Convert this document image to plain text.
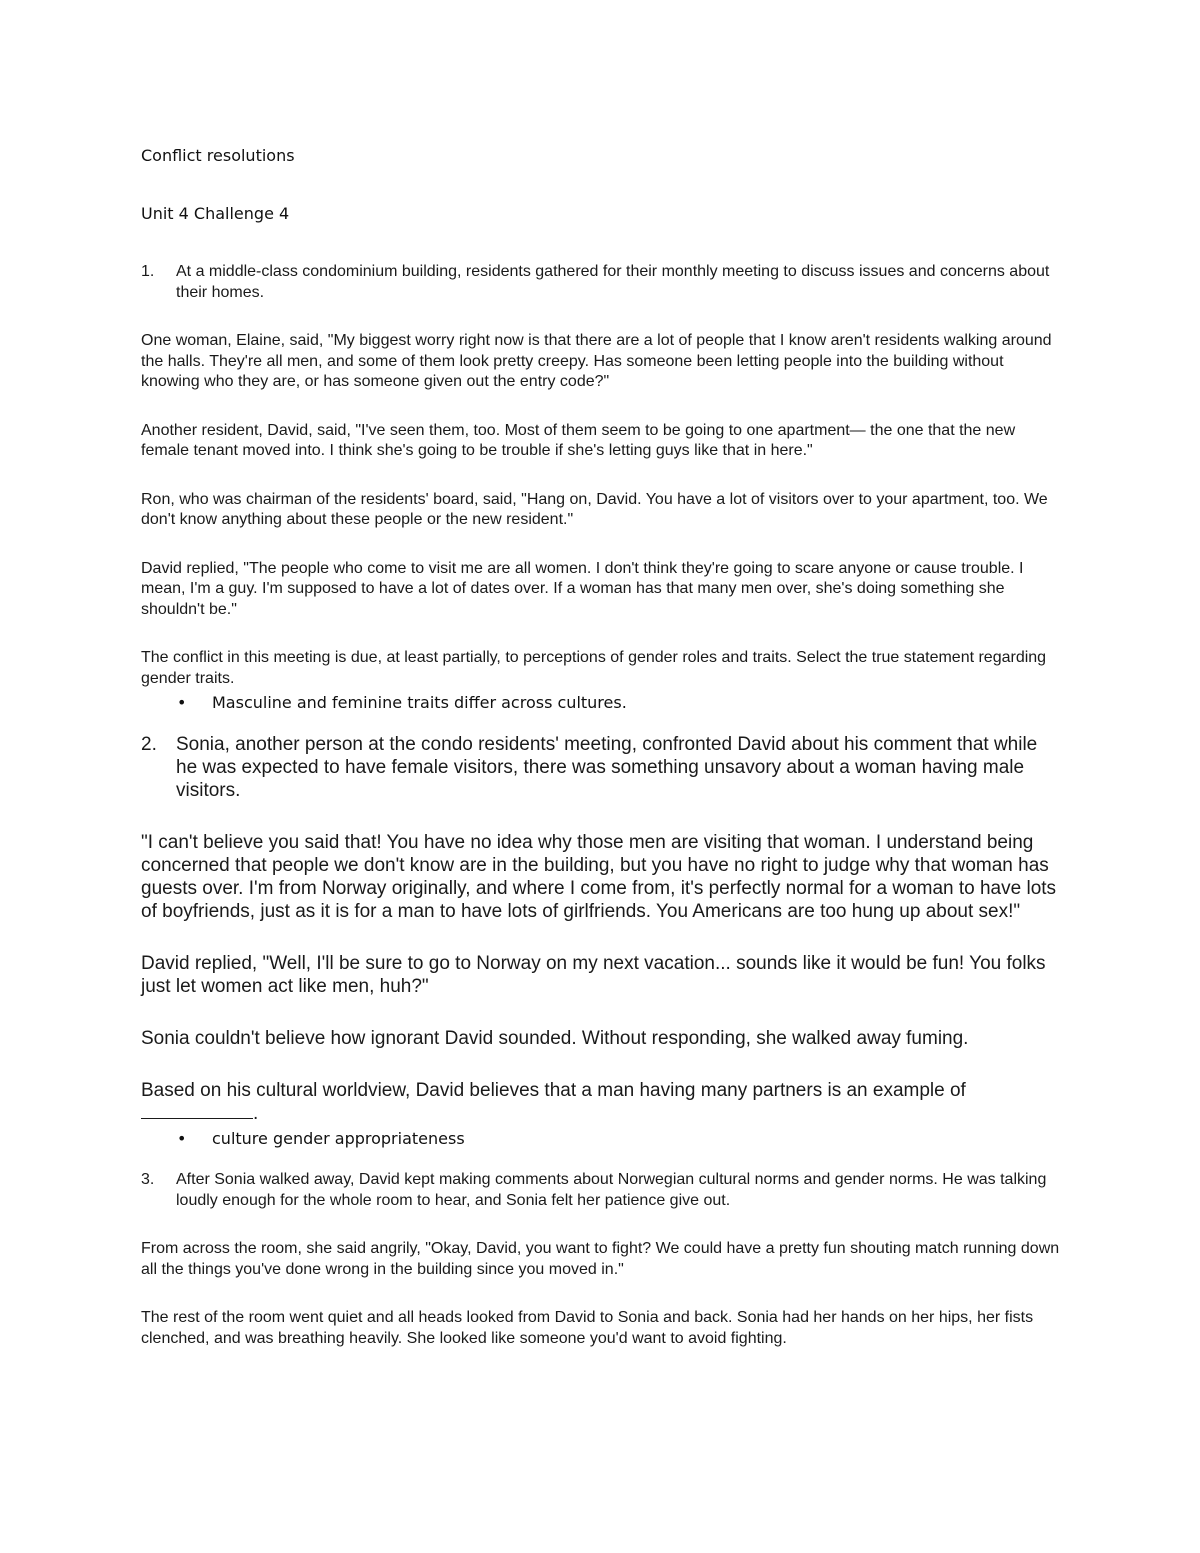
Conflict resolutions

Unit 4 Challenge 4

1. At a middle-class condominium building, residents gathered for their monthly meeting to discuss issues and concerns about their homes.

One woman, Elaine, said, "My biggest worry right now is that there are a lot of people that I know aren't residents walking around the halls. They're all men, and some of them look pretty creepy. Has someone been letting people into the building without knowing who they are, or has someone given out the entry code?"

Another resident, David, said, "I've seen them, too. Most of them seem to be going to one apartment— the one that the new female tenant moved into. I think she's going to be trouble if she's letting guys like that in here."

Ron, who was chairman of the residents' board, said, "Hang on, David. You have a lot of visitors over to your apartment, too. We don't know anything about these people or the new resident."

David replied, "The people who come to visit me are all women. I don't think they're going to scare anyone or cause trouble. I mean, I'm a guy. I'm supposed to have a lot of dates over. If a woman has that many men over, she's doing something she shouldn't be."

The conflict in this meeting is due, at least partially, to perceptions of gender roles and traits. Select the true statement regarding gender traits.

• Masculine and feminine traits differ across cultures.

2. Sonia, another person at the condo residents' meeting, confronted David about his comment that while he was expected to have female visitors, there was something unsavory about a woman having male visitors.

"I can't believe you said that! You have no idea why those men are visiting that woman. I understand being concerned that people we don't know are in the building, but you have no right to judge why that woman has guests over. I'm from Norway originally, and where I come from, it's perfectly normal for a woman to have lots of boyfriends, just as it is for a man to have lots of girlfriends. You Americans are too hung up about sex!"

David replied, "Well, I'll be sure to go to Norway on my next vacation... sounds like it would be fun! You folks just let women act like men, huh?"

Sonia couldn't believe how ignorant David sounded. Without responding, she walked away fuming.

Based on his cultural worldview, David believes that a man having many partners is an example of
.

• culture gender appropriateness

3. After Sonia walked away, David kept making comments about Norwegian cultural norms and gender norms. He was talking loudly enough for the whole room to hear, and Sonia felt her patience give out.

From across the room, she said angrily, "Okay, David, you want to fight? We could have a pretty fun shouting match running down all the things you've done wrong in the building since you moved in."

The rest of the room went quiet and all heads looked from David to Sonia and back. Sonia had her hands on her hips, her fists clenched, and was breathing heavily. She looked like someone you'd want to avoid fighting.
